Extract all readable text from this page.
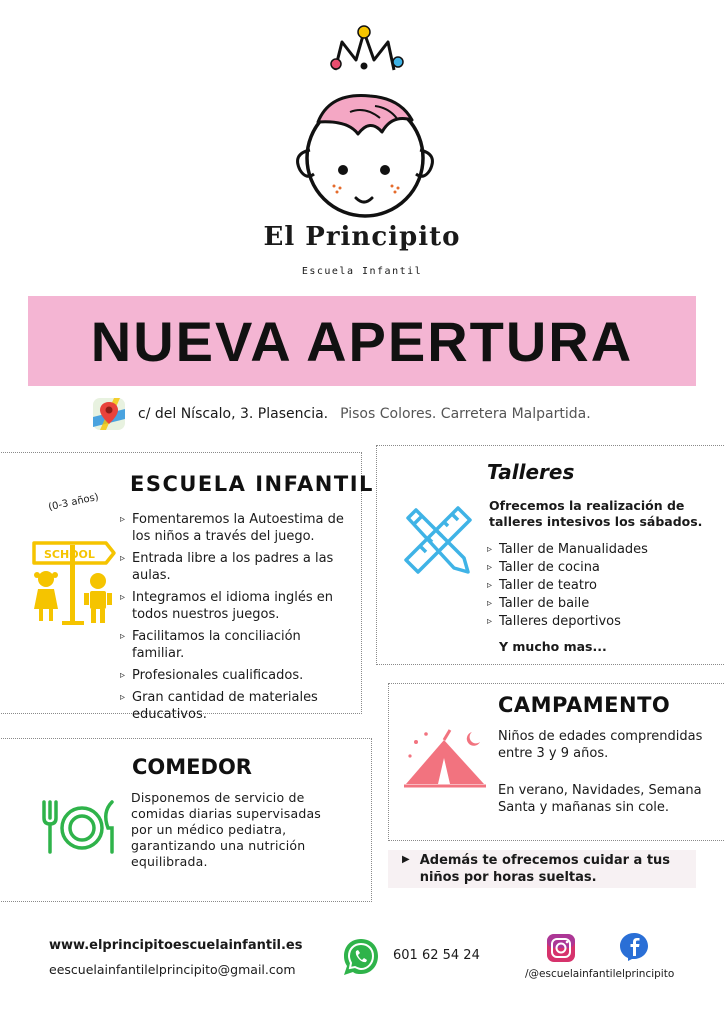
El Principito
Escuela Infantil
NUEVA APERTURA
c/ del Níscalo, 3. Plasencia. Pisos Colores. Carretera Malpartida.
ESCUELA INFANTIL
(0-3 años)
▹ Fomentaremos la Autoestima de los niños a través del juego.
▹ Entrada libre a los padres a las aulas.
▹ Integramos el idioma inglés en todos nuestros juegos.
▹ Facilitamos la conciliación familiar.
▹ Profesionales cualificados.
▹ Gran cantidad de materiales educativos.
SCHOOL
Talleres
Ofrecemos la realización de talleres intesivos los sábados.
▹ Taller de Manualidades
▹ Taller de cocina
▹ Taller de teatro
▹ Taller de baile
▹ Talleres deportivos
Y mucho mas...
CAMPAMENTO
Niños de edades comprendidas entre 3 y 9 años.
En verano, Navidades, Semana Santa y mañanas sin cole.
COMEDOR
Disponemos de servicio de comidas diarias supervisadas por un médico pediatra, garantizando una nutrición equilibrada.	▶ Además te ofrecemos cuidar a tus niños por horas sueltas.
www.elprincipitoescuelainfantil.es
eescuelainfantilelprincipito@gmail.com
601 62 54 24
/@escuelainfantilelprincipito
